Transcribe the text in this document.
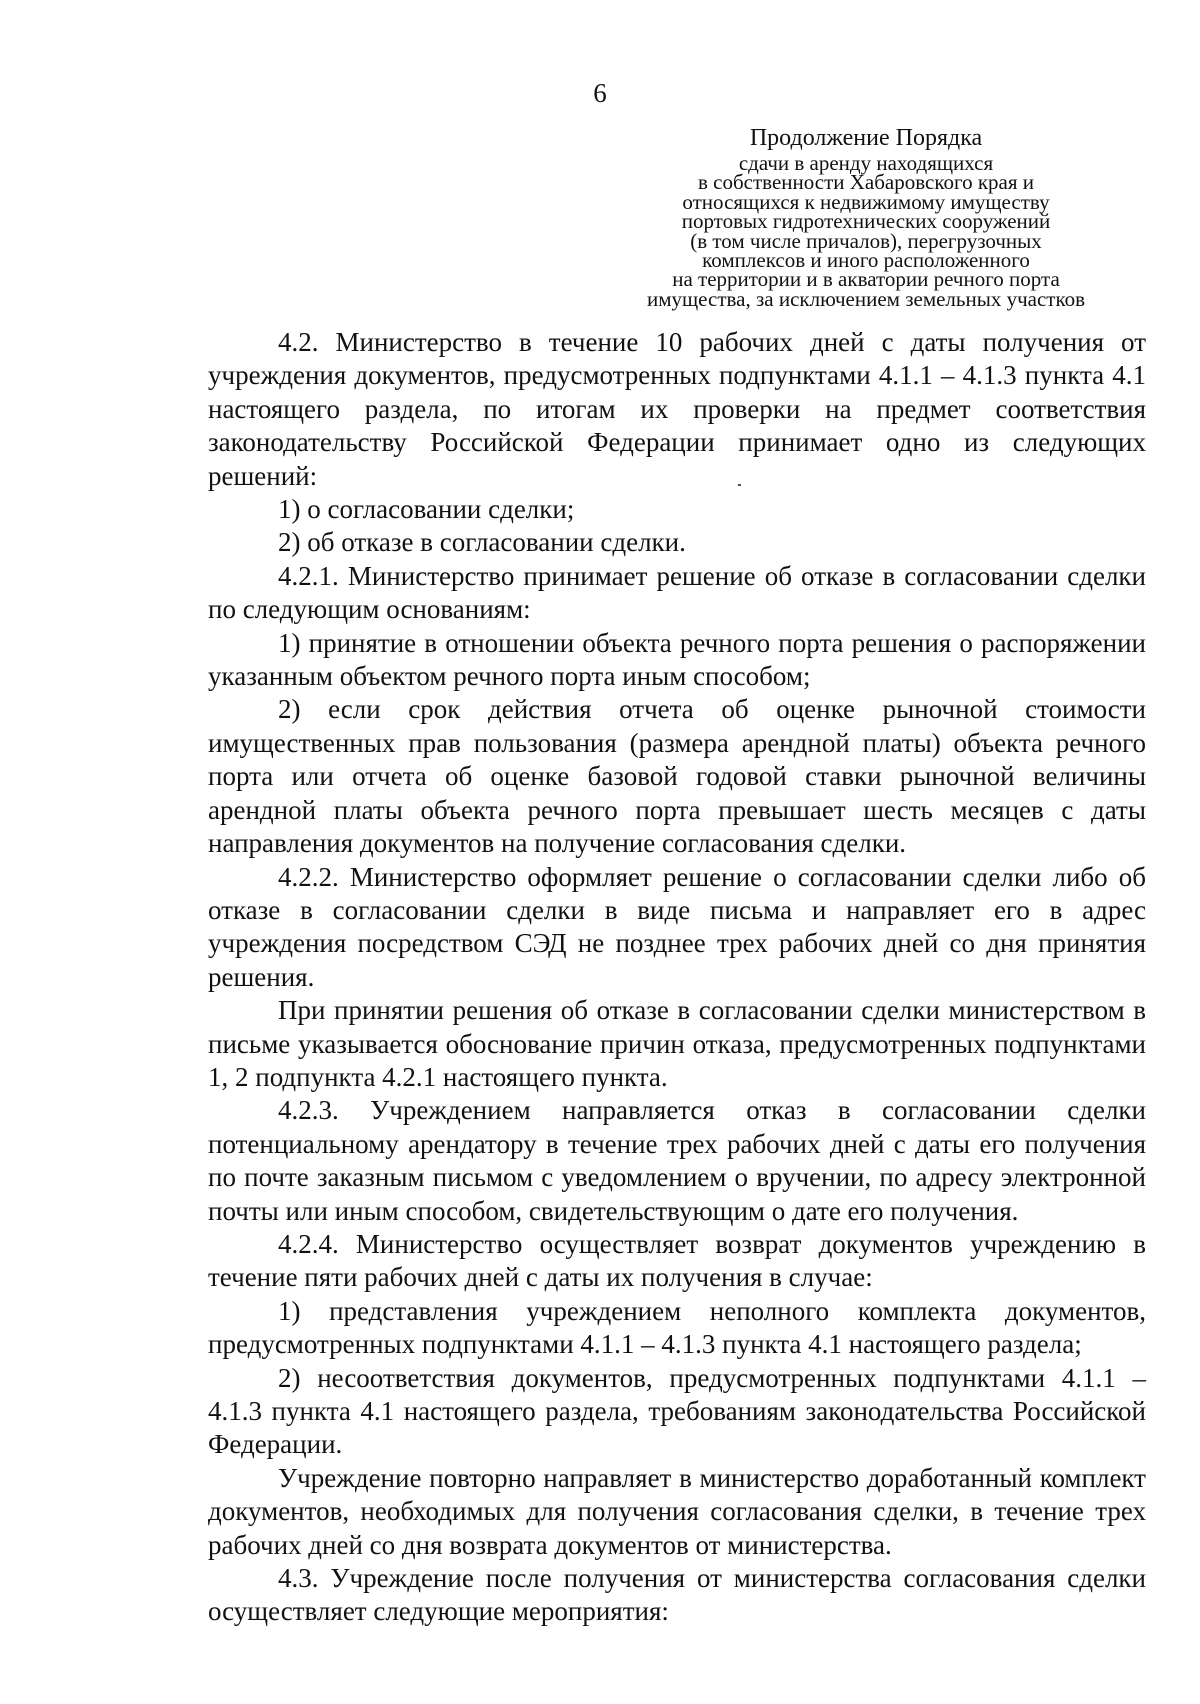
6
Продолжение Порядка
сдачи в аренду находящихся
в собственности Хабаровского края и
относящихся к недвижимому имуществу
портовых гидротехнических сооружений
(в том числе причалов), перегрузочных
комплексов и иного расположенного
на территории и в акватории речного порта
имущества, за исключением земельных участков

4.2. Министерство в течение 10 рабочих дней с даты получения от учреждения документов, предусмотренных подпунктами 4.1.1 – 4.1.3 пункта 4.1 настоящего раздела, по итогам их проверки на предмет соответствия законодательству Российской Федерации принимает одно из следующих решений:

1) о согласовании сделки;

2) об отказе в согласовании сделки.

4.2.1. Министерство принимает решение об отказе в согласовании сделки по следующим основаниям:

1) принятие в отношении объекта речного порта решения о распоряжении указанным объектом речного порта иным способом;

2) если срок действия отчета об оценке рыночной стоимости имущественных прав пользования (размера арендной платы) объекта речного порта или отчета об оценке базовой годовой ставки рыночной величины арендной платы объекта речного порта превышает шесть месяцев с даты направления документов на получение согласования сделки.

4.2.2. Министерство оформляет решение о согласовании сделки либо об отказе в согласовании сделки в виде письма и направляет его в адрес учреждения посредством СЭД не позднее трех рабочих дней со дня принятия решения.

При принятии решения об отказе в согласовании сделки министерством в письме указывается обоснование причин отказа, предусмотренных подпунктами 1, 2 подпункта 4.2.1 настоящего пункта.

4.2.3. Учреждением направляется отказ в согласовании сделки потенциальному арендатору в течение трех рабочих дней с даты его получения по почте заказным письмом с уведомлением о вручении, по адресу электронной почты или иным способом, свидетельствующим о дате его получения.

4.2.4. Министерство осуществляет возврат документов учреждению в течение пяти рабочих дней с даты их получения в случае:

1) представления учреждением неполного комплекта документов, предусмотренных подпунктами 4.1.1 – 4.1.3 пункта 4.1 настоящего раздела;

2) несоответствия документов, предусмотренных подпунктами 4.1.1 – 4.1.3 пункта 4.1 настоящего раздела, требованиям законодательства Российской Федерации.

Учреждение повторно направляет в министерство доработанный комплект документов, необходимых для получения согласования сделки, в течение трех рабочих дней со дня возврата документов от министерства.

4.3. Учреждение после получения от министерства согласования сделки осуществляет следующие мероприятия:
